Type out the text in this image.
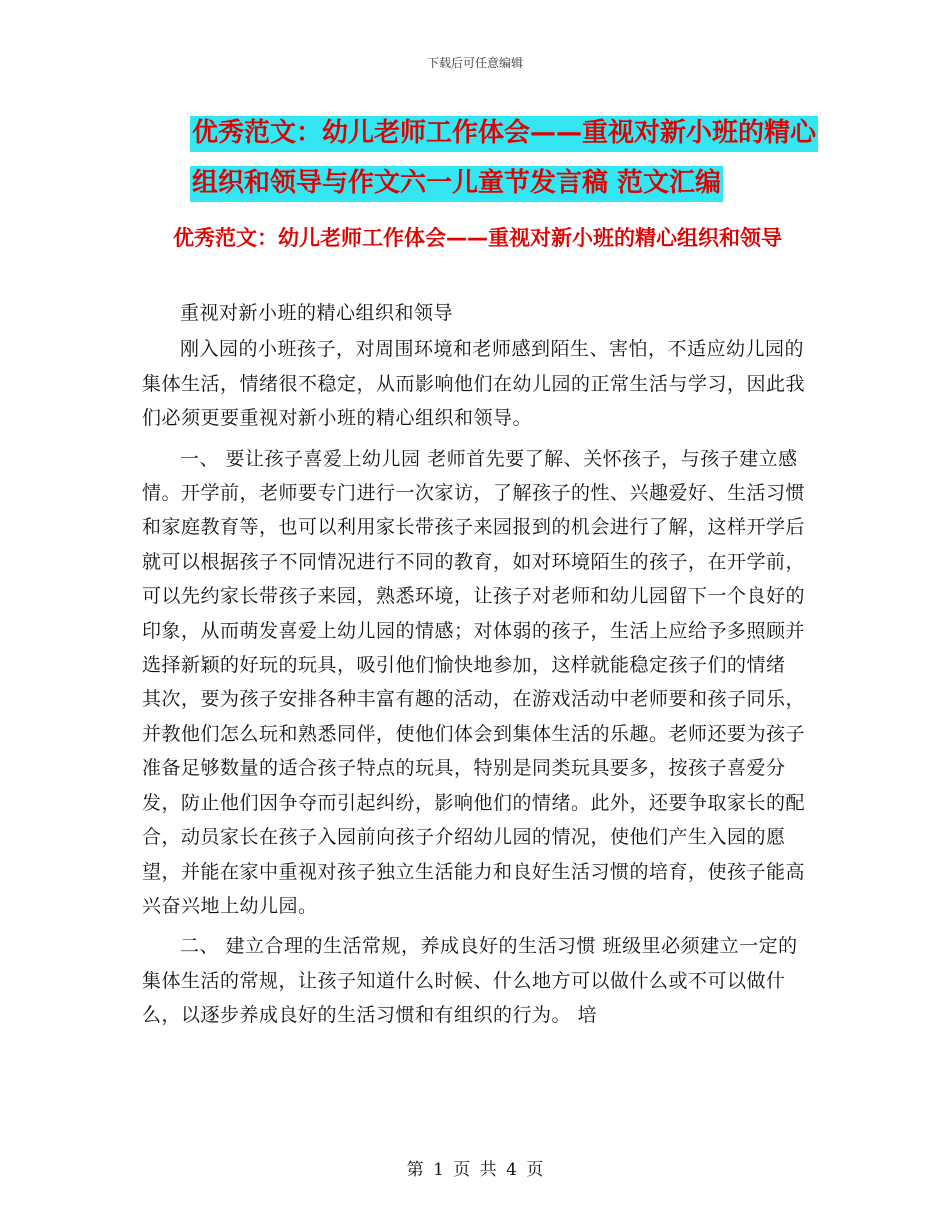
下载后可任意编辑
优秀范文：幼儿老师工作体会——重视对新小班的精心组织和领导与作文六一儿童节发言稿 范文汇编
优秀范文：幼儿老师工作体会——重视对新小班的精心组织和领导

重视对新小班的精心组织和领导

刚入园的小班孩子，对周围环境和老师感到陌生、害怕，不适应幼儿园的集体生活，情绪很不稳定，从而影响他们在幼儿园的正常生活与学习，因此我们必须更要重视对新小班的精心组织和领导。

一、 要让孩子喜爱上幼儿园 老师首先要了解、关怀孩子，与孩子建立感情。开学前，老师要专门进行一次家访，了解孩子的性、兴趣爱好、生活习惯和家庭教育等，也可以利用家长带孩子来园报到的机会进行了解，这样开学后就可以根据孩子不同情况进行不同的教育，如对环境陌生的孩子，在开学前，可以先约家长带孩子来园，熟悉环境，让孩子对老师和幼儿园留下一个良好的印象，从而萌发喜爱上幼儿园的情感；对体弱的孩子，生活上应给予多照顾并选择新颖的好玩的玩具，吸引他们愉快地参加，这样就能稳定孩子们的情绪 其次，要为孩子安排各种丰富有趣的活动，在游戏活动中老师要和孩子同乐，并教他们怎么玩和熟悉同伴，使他们体会到集体生活的乐趣。老师还要为孩子准备足够数量的适合孩子特点的玩具，特别是同类玩具要多，按孩子喜爱分发，防止他们因争夺而引起纠纷，影响他们的情绪。此外，还要争取家长的配合，动员家长在孩子入园前向孩子介绍幼儿园的情况，使他们产生入园的愿望，并能在家中重视对孩子独立生活能力和良好生活习惯的培育，使孩子能高兴奋兴地上幼儿园。

二、 建立合理的生活常规，养成良好的生活习惯 班级里必须建立一定的集体生活的常规，让孩子知道什么时候、什么地方可以做什么或不可以做什么，以逐步养成良好的生活习惯和有组织的行为。 培

第 1 页 共 4 页
